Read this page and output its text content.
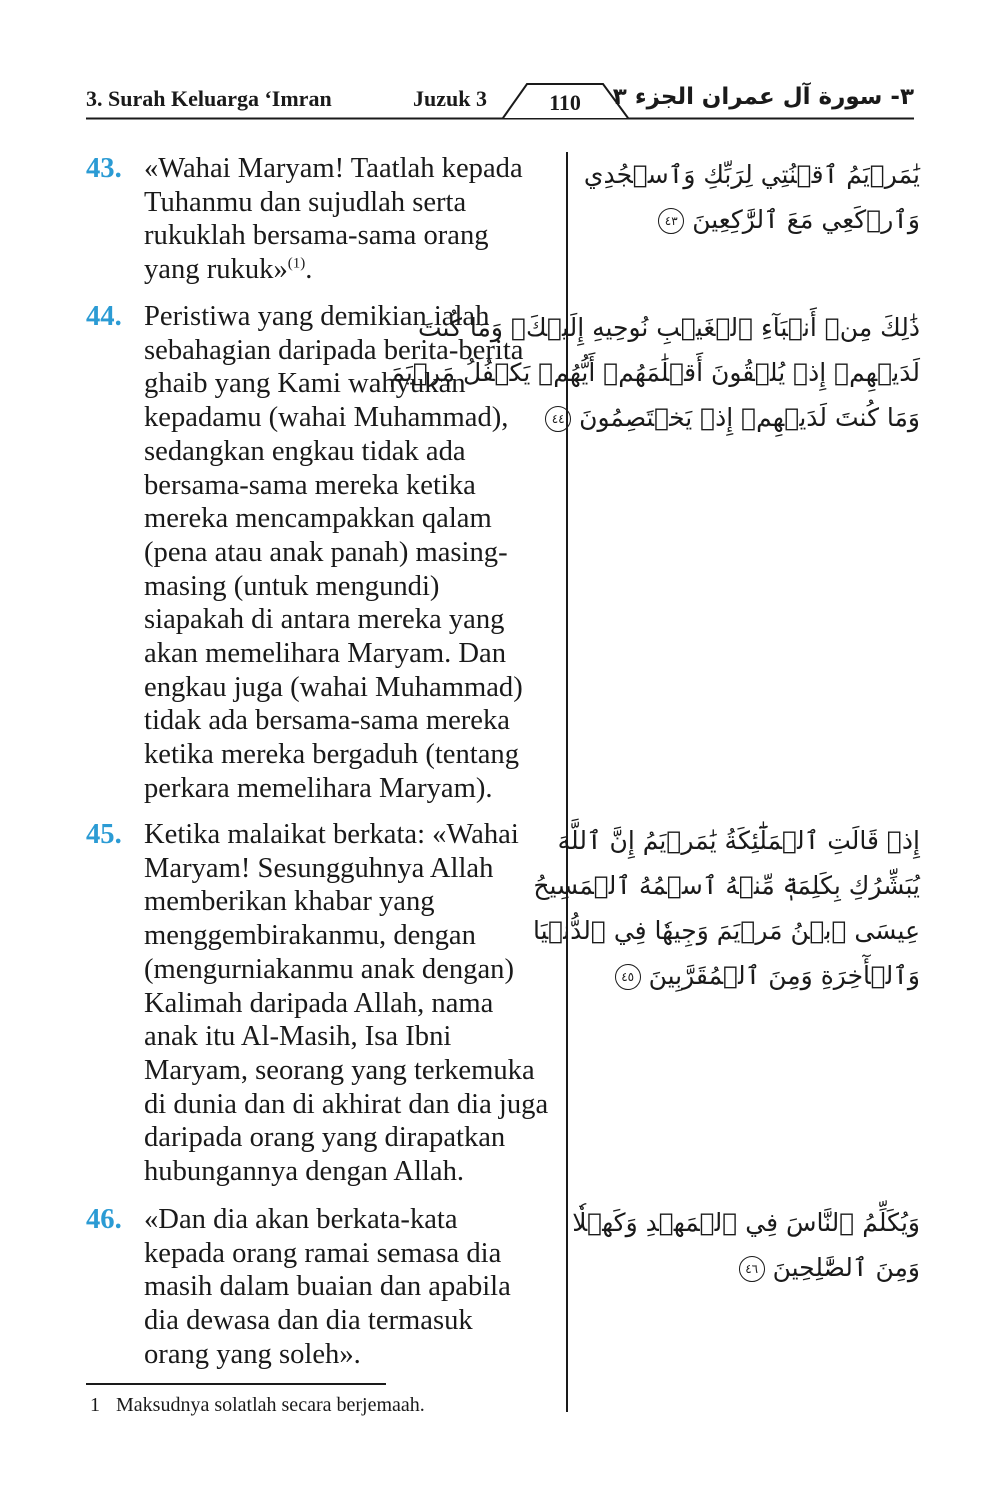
3. Surah Keluarga ‘Imran	Juzuk 3	110	الجزء ٣ ٣- سورة آل عمران
43. «Wahai Maryam! Taatlah kepada
Tuhanmu dan sujudlah serta
rukuklah bersama-sama orang
yang rukuk»$^{(1)}$.
يَٰمَرۡيَمُ ٱقۡنُتِي لِرَبِّكِ وَٱسۡجُدِي
وَٱرۡكَعِي مَعَ ٱلرَّٰكِعِينَ ٤٣
44. Peristiwa yang demikian ialah
sebahagian daripada berita-berita
ghaib yang Kami wahyukan
kepadamu (wahai Muhammad),
sedangkan engkau tidak ada
bersama-sama mereka ketika
mereka mencampakkan qalam
(pena atau anak panah) masing-
masing (untuk mengundi)
siapakah di antara mereka yang
akan memelihara Maryam. Dan
engkau juga (wahai Muhammad)
tidak ada bersama-sama mereka
ketika mereka bergaduh (tentang
perkara memelihara Maryam).
ذَٰلِكَ مِنۡ أَنۢبَآءِ ٱلۡغَيۡبِ نُوحِيهِ إِلَيۡكَۚ وَمَا كُنتَ
لَدَيۡهِمۡ إِذۡ يُلۡقُونَ أَقۡلَٰمَهُمۡ أَيُّهُمۡ يَكۡفُلُ مَرۡيَمَ
وَمَا كُنتَ لَدَيۡهِمۡ إِذۡ يَخۡتَصِمُونَ ٤٤
45. Ketika malaikat berkata: «Wahai
Maryam! Sesungguhnya Allah
memberikan khabar yang
menggembirakanmu, dengan
(mengurniakanmu anak dengan)
Kalimah daripada Allah, nama
anak itu Al-Masih, Isa Ibni
Maryam, seorang yang terkemuka
di dunia dan di akhirat dan dia juga
daripada orang yang dirapatkan
hubungannya dengan Allah.
إِذۡ قَالَتِ ٱلۡمَلَٰٓئِكَةُ يَٰمَرۡيَمُ إِنَّ ٱللَّهَ
يُبَشِّرُكِ بِكَلِمَةٖ مِّنۡهُ ٱسۡمُهُ ٱلۡمَسِيحُ
عِيسَى ٱبۡنُ مَرۡيَمَ وَجِيهٗا فِي ٱلدُّنۡيَا
وَٱلۡأٓخِرَةِ وَمِنَ ٱلۡمُقَرَّبِينَ ٤٥
46. «Dan dia akan berkata-kata
kepada orang ramai semasa dia
masih dalam buaian dan apabila
dia dewasa dan dia termasuk
orang yang soleh».
وَيُكَلِّمُ ٱلنَّاسَ فِي ٱلۡمَهۡدِ وَكَهۡلٗا
وَمِنَ ٱلصَّٰلِحِينَ ٤٦
1 Maksudnya solatlah secara berjemaah.
